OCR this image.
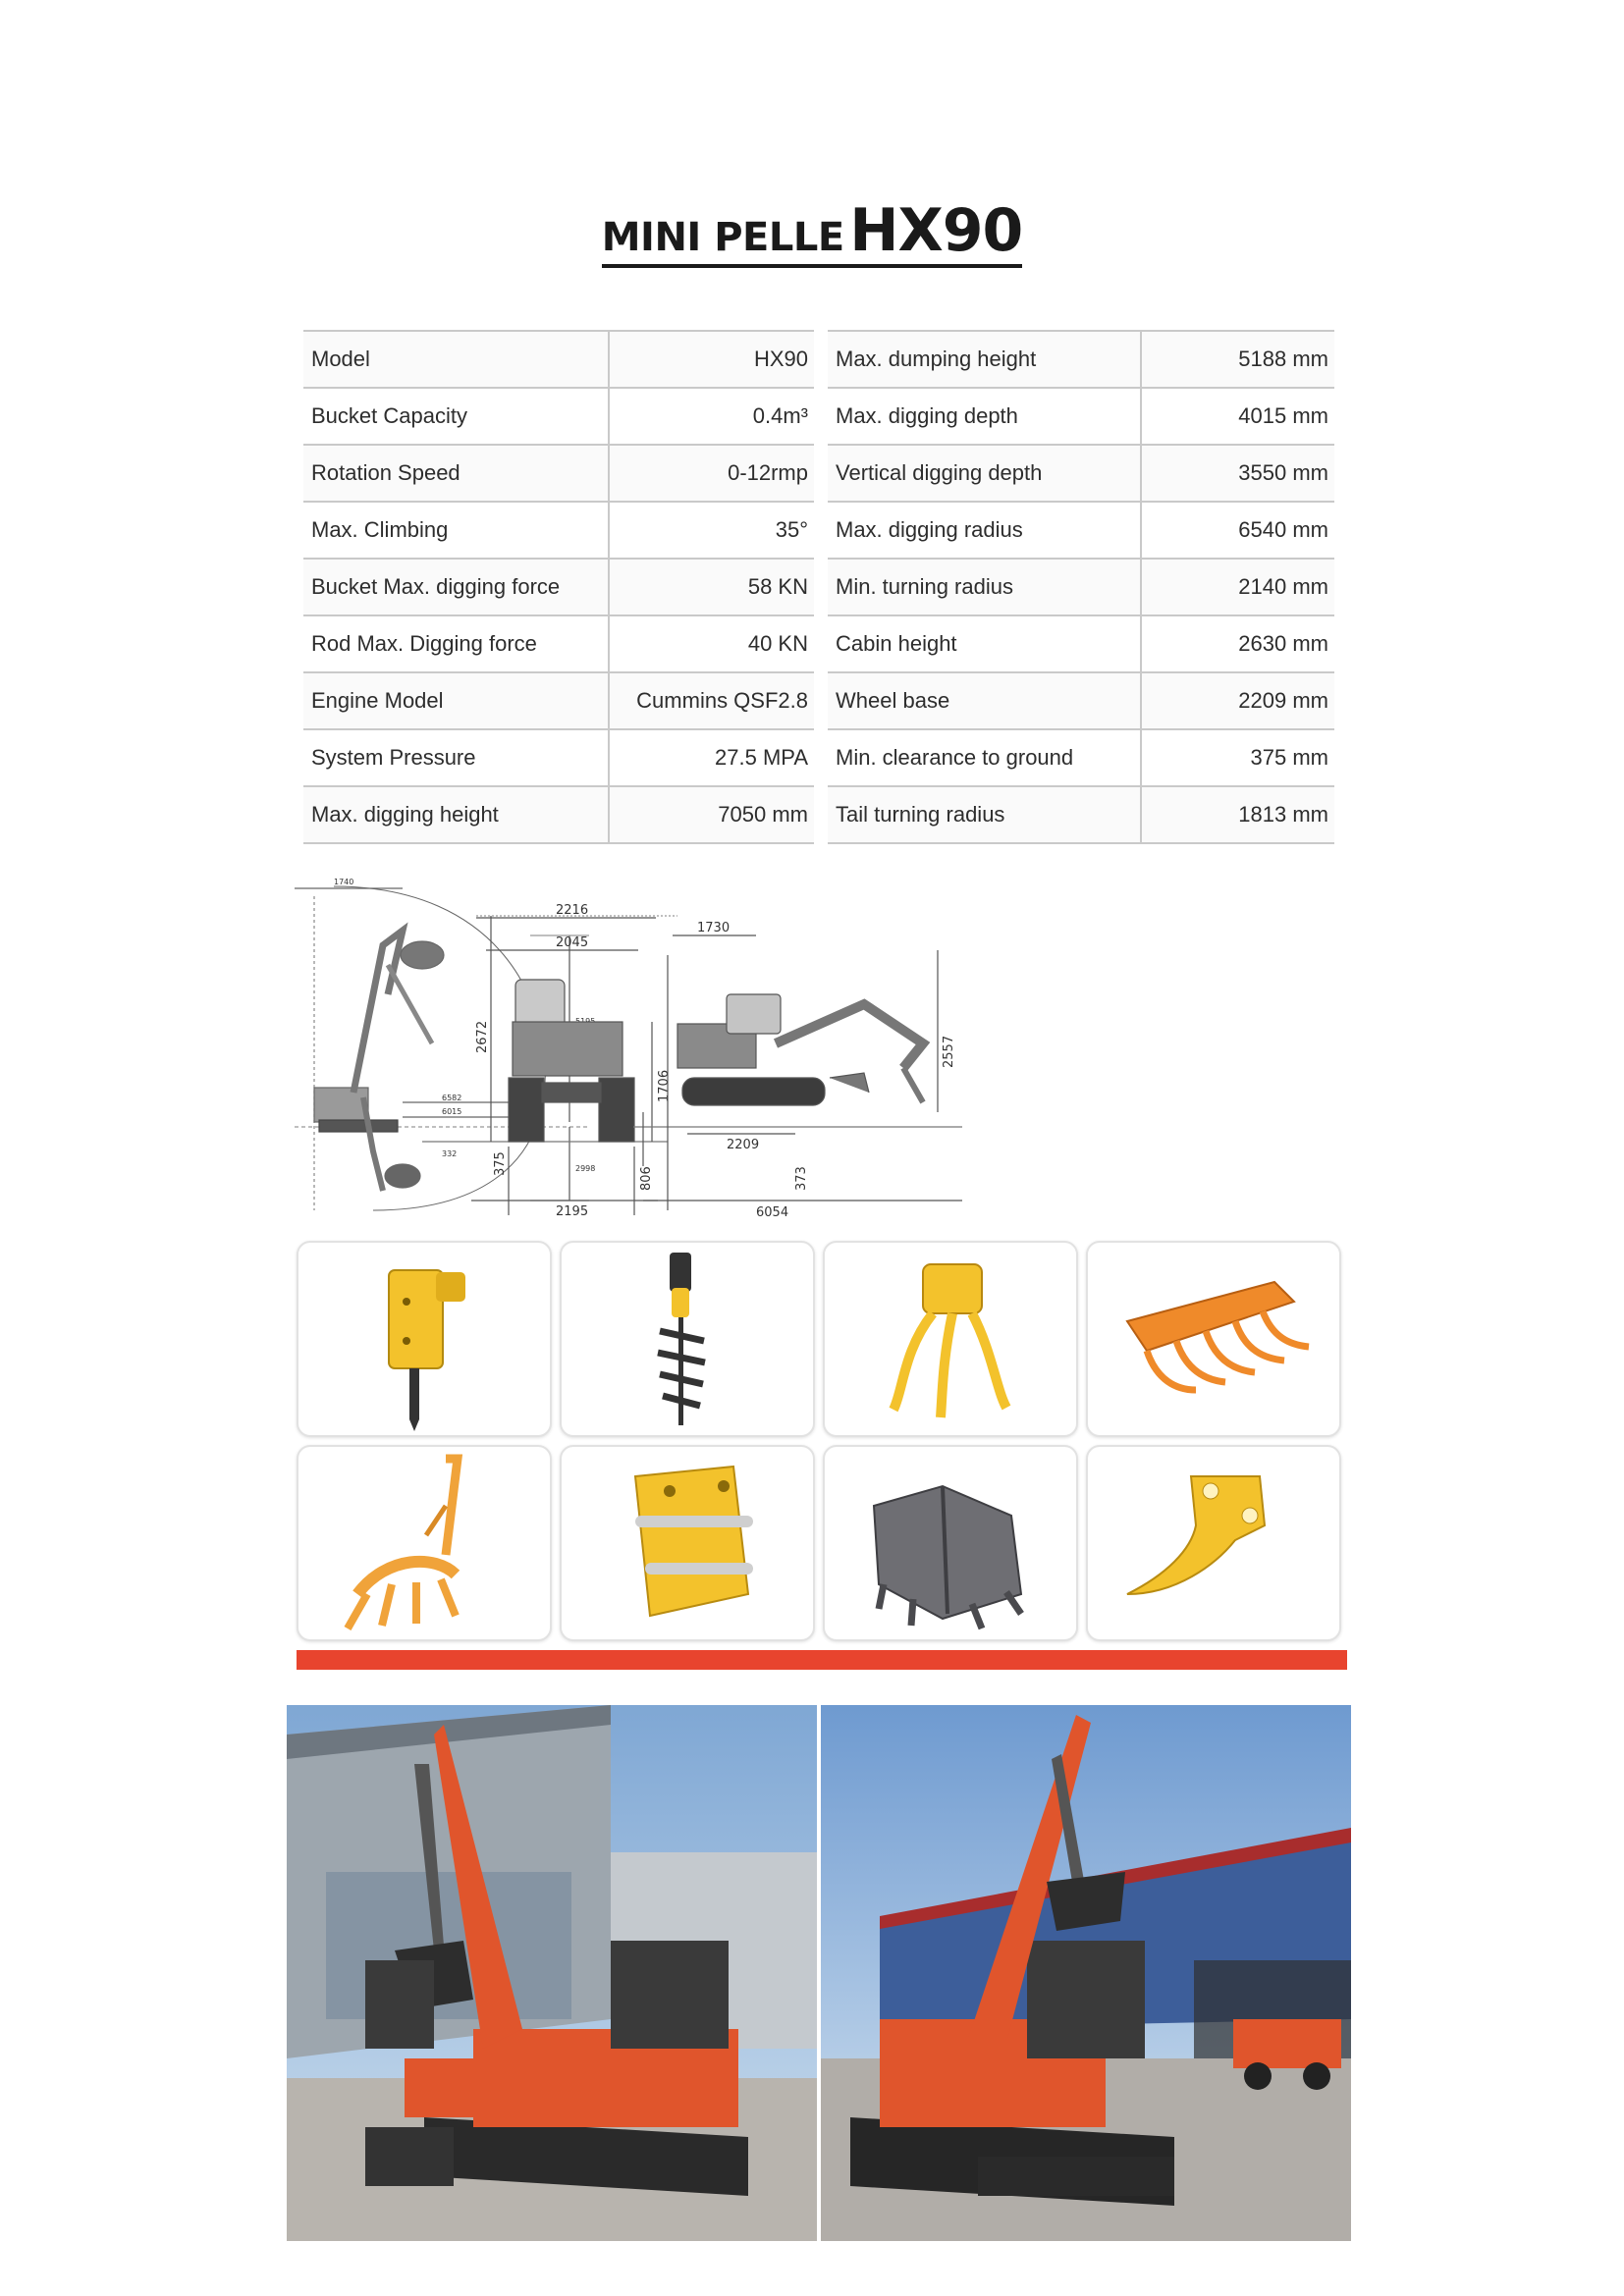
MINI PELLE HX90
Model	HX90
Bucket Capacity	0.4m³
Rotation Speed	0-12rmp
Max. Climbing	35°
Bucket Max. digging force	58 KN
Rod Max. Digging force	40 KN
Engine Model	Cummins QSF2.8
System Pressure	27.5 MPA
Max. digging height	7050 mm
Max. dumping height	5188 mm
Max. digging depth	4015 mm
Vertical digging depth	3550 mm
Max. digging radius	6540 mm
Min. turning radius	2140 mm
Cabin height	2630 mm
Wheel base	2209 mm
Min. clearance to ground	375 mm
Tail turning radius	1813 mm
1740
6582
6015
2998
332
2216
2045
2672
1706
375
2195
1730
2557
2209
806	373
6054
